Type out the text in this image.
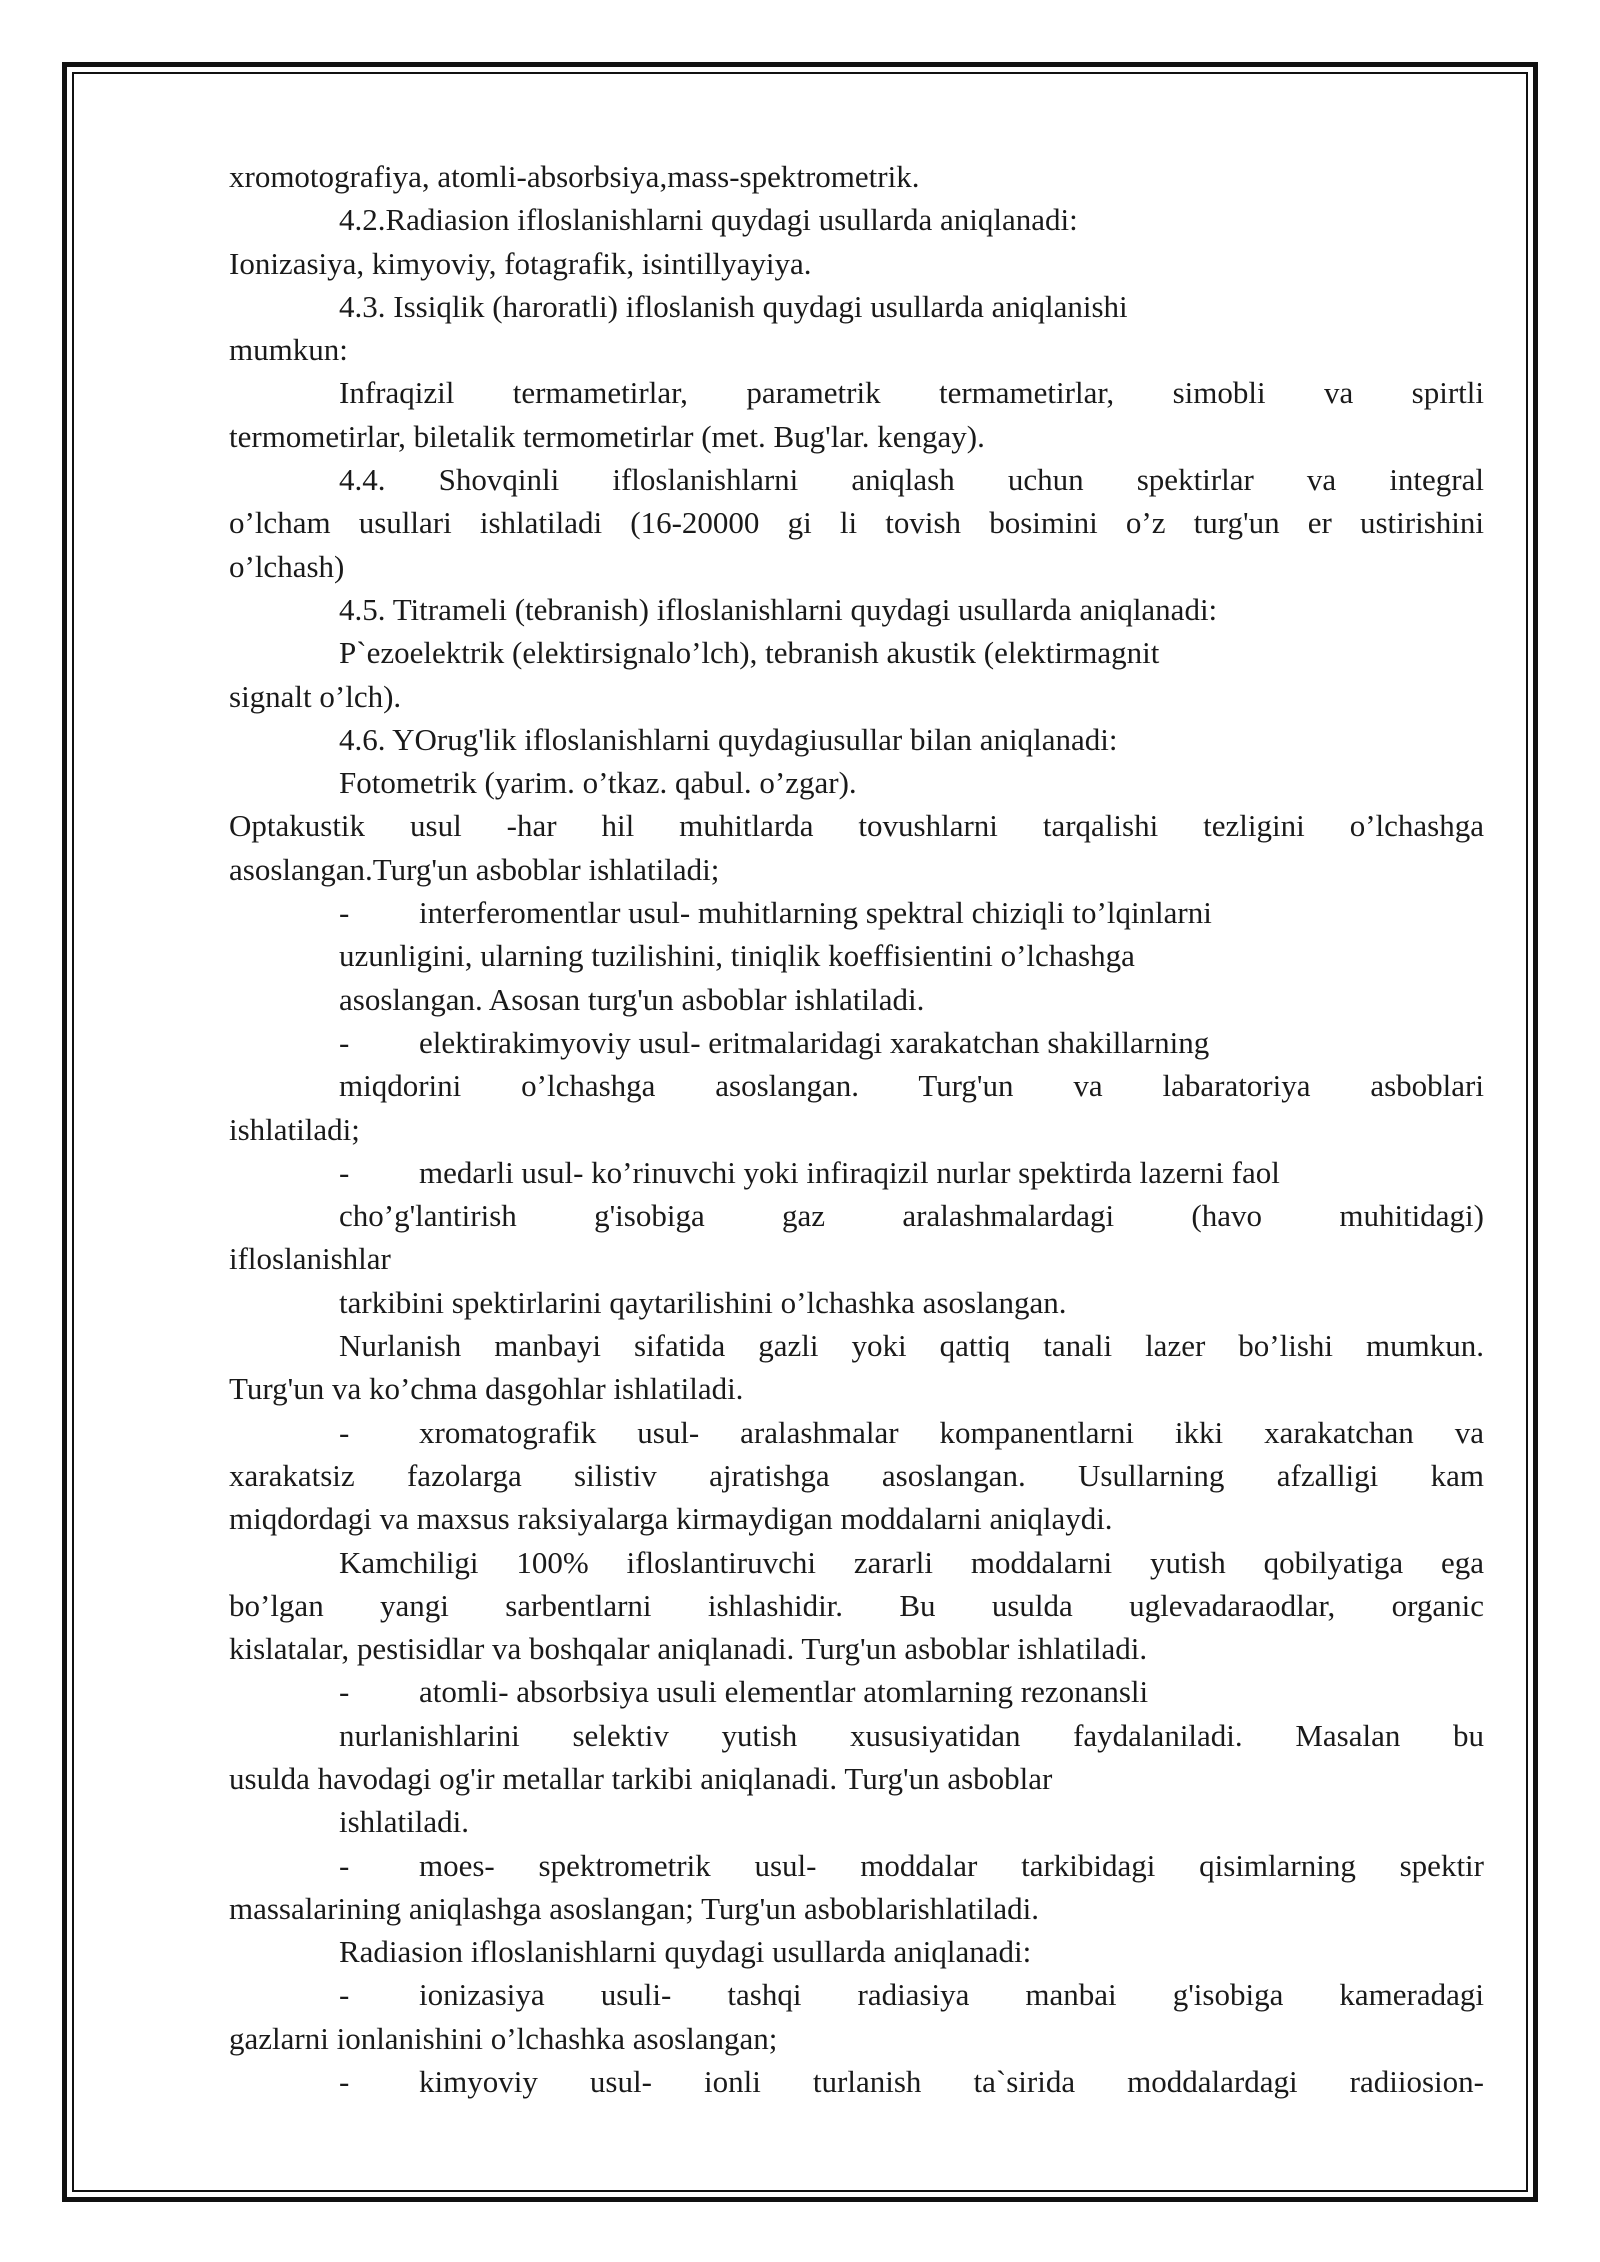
xromotografiya, atomli-absorbsiya,mass-spektrometrik.

4.2.Radiasion ifloslanishlarni quydagi usullarda aniqlanadi:

Ionizasiya, kimyoviy, fotagrafik, isintillyayiya.

4.3. Issiqlik (haroratli) ifloslanish quydagi usullarda aniqlanishi

mumkun:

Infraqizil termametirlar, parametrik termametirlar, simobli va spirtli

termometirlar, biletalik termometirlar (met. Bug'lar. kengay).

4.4. Shovqinli ifloslanishlarni aniqlash uchun spektirlar va integral

o’lcham usullari ishlatiladi (16-20000 gi li tovish bosimini o’z turg'un er ustirishini

o’lchash)

4.5. Titrameli (tebranish) ifloslanishlarni quydagi usullarda aniqlanadi:

P`ezoelektrik (elektirsignalo’lch), tebranish akustik (elektirmagnit

signalt o’lch).

4.6. YOrug'lik ifloslanishlarni quydagiusullar bilan aniqlanadi:

Fotometrik (yarim. o’tkaz. qabul. o’zgar).

Optakustik usul -har hil muhitlarda tovushlarni tarqalishi tezligini o’lchashga

asoslangan.Turg'un asboblar ishlatiladi;

- interferomentlar usul- muhitlarning spektral chiziqli to’lqinlarni

uzunligini, ularning tuzilishini, tiniqlik koeffisientini o’lchashga

asoslangan. Asosan turg'un asboblar ishlatiladi.

- elektirakimyoviy usul- eritmalaridagi xarakatchan shakillarning

miqdorini o’lchashga asoslangan. Turg'un va labaratoriya asboblari

ishlatiladi;

- medarli usul- ko’rinuvchi yoki infiraqizil nurlar spektirda lazerni faol

cho’g'lantirish g'isobiga gaz aralashmalardagi (havo muhitidagi)

ifloslanishlar

tarkibini spektirlarini qaytarilishini o’lchashka asoslangan.

Nurlanish manbayi sifatida gazli yoki qattiq tanali lazer bo’lishi mumkun.

Turg'un va ko’chma dasgohlar ishlatiladi.

- xromatografik usul- aralashmalar kompanentlarni ikki xarakatchan va

xarakatsiz fazolarga silistiv ajratishga asoslangan. Usullarning afzalligi kam

miqdordagi va maxsus raksiyalarga kirmaydigan moddalarni aniqlaydi.

Kamchiligi 100% ifloslantiruvchi zararli moddalarni yutish qobilyatiga ega

bo’lgan yangi sarbentlarni ishlashidir. Bu usulda uglevadaraodlar, organic

kislatalar, pestisidlar va boshqalar aniqlanadi. Turg'un asboblar ishlatiladi.

- atomli- absorbsiya usuli elementlar atomlarning rezonansli

nurlanishlarini selektiv yutish xususiyatidan faydalaniladi. Masalan bu

usulda havodagi og'ir metallar tarkibi aniqlanadi. Turg'un asboblar

ishlatiladi.

- moes- spektrometrik usul- moddalar tarkibidagi qisimlarning spektir

massalarining aniqlashga asoslangan; Turg'un asboblarishlatiladi.

Radiasion ifloslanishlarni quydagi usullarda aniqlanadi:

- ionizasiya usuli- tashqi radiasiya manbai g'isobiga kameradagi

gazlarni ionlanishini o’lchashka asoslangan;

- kimyoviy usul- ionli turlanish ta`sirida moddalardagi radiiosion-
